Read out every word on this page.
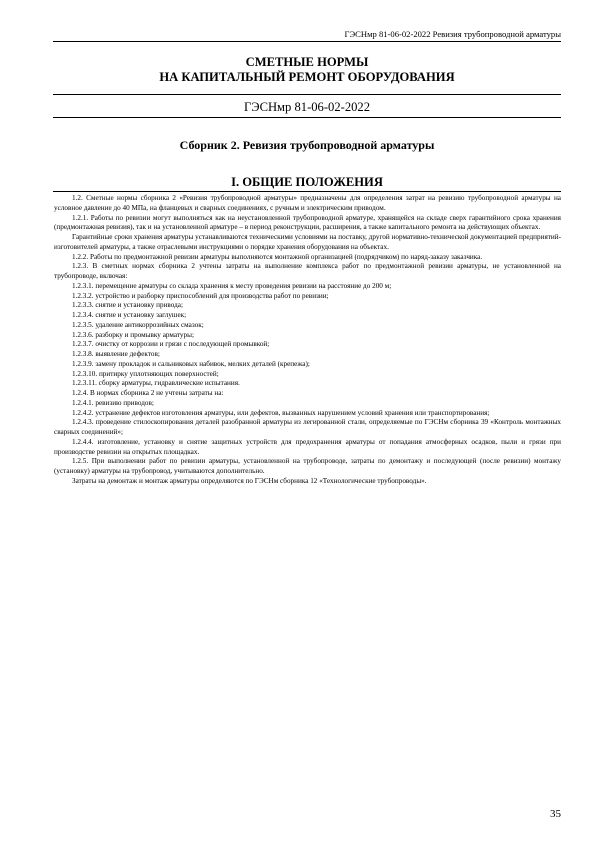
ГЭСНмр 81-06-02-2022 Ревизия трубопроводной арматуры
СМЕТНЫЕ НОРМЫ
НА КАПИТАЛЬНЫЙ РЕМОНТ ОБОРУДОВАНИЯ
ГЭСНмр 81-06-02-2022
Сборник 2. Ревизия трубопроводной арматуры
I. ОБЩИЕ ПОЛОЖЕНИЯ

1.2. Сметные нормы сборника 2 «Ревизия трубопроводной арматуры» предназначены для определения затрат на ревизию трубопроводной арматуры на условное давление до 40 МПа, на фланцевых и сварных соединениях, с ручным и электрическим приводом.

1.2.1. Работы по ревизии могут выполняться как на неустановленной трубопроводной арматуре, хранящейся на складе сверх гарантийного срока хранения (предмонтажная ревизия), так и на установленной арматуре – в период реконструкции, расширения, а также капитального ремонта на действующих объектах.

Гарантийные сроки хранения арматуры устанавливаются техническими условиями на поставку, другой нормативно-технической документацией предприятий-изготовителей арматуры, а также отраслевыми инструкциями о порядке хранения оборудования на объектах.

1.2.2. Работы по предмонтажной ревизии арматуры выполняются монтажной организацией (подрядчиком) по наряд-заказу заказчика.

1.2.3. В сметных нормах сборника 2 учтены затраты на выполнение комплекса работ по предмонтажной ревизии арматуры, не установленной на трубопроводе, включая:

1.2.3.1. перемещение арматуры со склада хранения к месту проведения ревизии на расстояние до 200 м;

1.2.3.2. устройство и разборку приспособлений для производства работ по ревизии;

1.2.3.3. снятие и установку привода;

1.2.3.4. снятие и установку заглушек;

1.2.3.5. удаление антикоррозийных смазок;

1.2.3.6. разборку и промывку арматуры;

1.2.3.7. очистку от коррозии и грязи с последующей промывкой;

1.2.3.8. выявление дефектов;

1.2.3.9. замену прокладок и сальниковых набивок, мелких деталей (крепежа);

1.2.3.10. притирку уплотняющих поверхностей;

1.2.3.11. сборку арматуры, гидравлические испытания.

1.2.4. В нормах сборника 2 не учтены затраты на:

1.2.4.1. ревизию приводов;

1.2.4.2. устранение дефектов изготовления арматуры, или дефектов, вызванных нарушением условий хранения или транспортирования;

1.2.4.3. проведение стилоскопирования деталей разобранной арматуры из легированной стали, определяемые по ГЭСНм сборника 39 «Контроль монтажных сварных соединений»;

1.2.4.4. изготовление, установку и снятие защитных устройств для предохранения арматуры от попадания атмосферных осадков, пыли и грязи при производстве ревизии на открытых площадках.

1.2.5. При выполнении работ по ревизии арматуры, установленной на трубопроводе, затраты по демонтажу и последующей (после ревизии) монтажу (установку) арматуры на трубопровод, учитываются дополнительно.

Затраты на демонтаж и монтаж арматуры определяются по ГЭСНм сборника 12 «Технологические трубопроводы».

35
